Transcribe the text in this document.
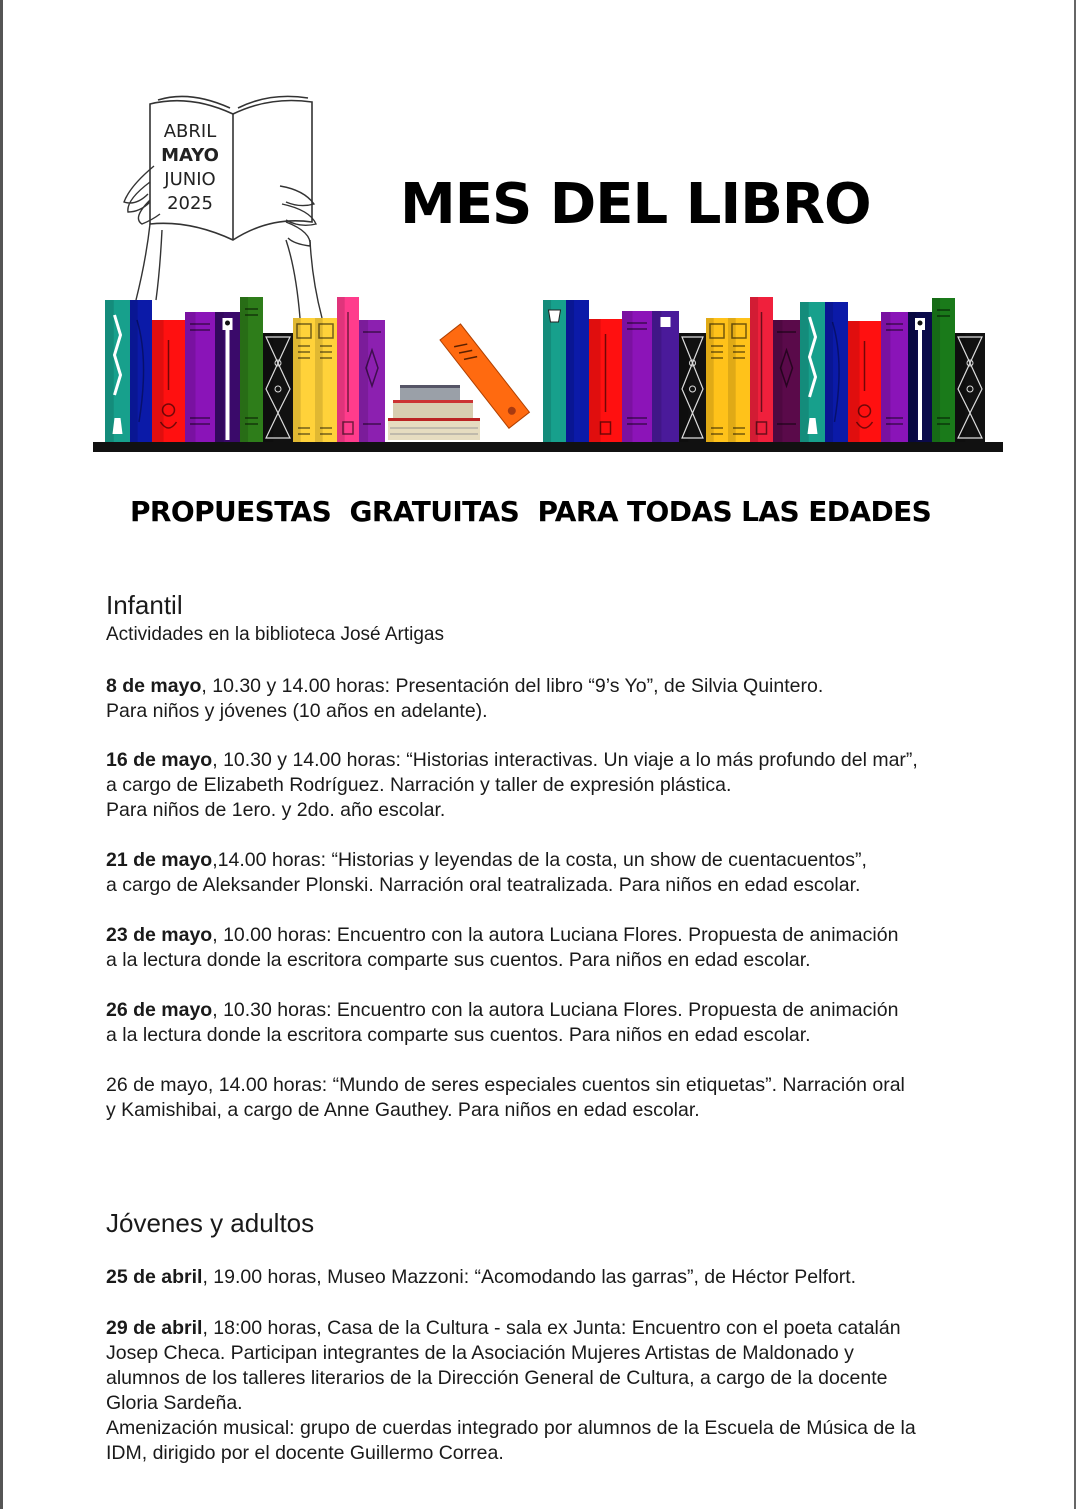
ABRIL
MAYO
JUNIO
2025	MES DEL LIBRO
PROPUESTAS  GRATUITAS  PARA TODAS LAS EDADES
Infantil
Actividades en la biblioteca José Artigas
8 de mayo, 10.30 y 14.00 horas: Presentación del libro “9’s Yo”, de Silvia Quintero.
Para niños y jóvenes (10 años en adelante).
16 de mayo, 10.30 y 14.00 horas: “Historias interactivas. Un viaje a lo más profundo del mar”,
a cargo de Elizabeth Rodríguez. Narración y taller de expresión plástica.
Para niños de 1ero. y 2do. año escolar.
21 de mayo,14.00 horas: “Historias y leyendas de la costa, un show de cuentacuentos”,
a cargo de Aleksander Plonski. Narración oral teatralizada. Para niños en edad escolar.
23 de mayo, 10.00 horas: Encuentro con la autora Luciana Flores. Propuesta de animación
a la lectura donde la escritora comparte sus cuentos. Para niños en edad escolar.
26 de mayo, 10.30 horas: Encuentro con la autora Luciana Flores. Propuesta de animación
a la lectura donde la escritora comparte sus cuentos. Para niños en edad escolar.
26 de mayo, 14.00 horas: “Mundo de seres especiales cuentos sin etiquetas”. Narración oral
y Kamishibai, a cargo de Anne Gauthey. Para niños en edad escolar.
Jóvenes y adultos
25 de abril, 19.00 horas, Museo Mazzoni: “Acomodando las garras”, de Héctor Pelfort.
29 de abril, 18:00 horas, Casa de la Cultura - sala ex Junta: Encuentro con el poeta catalán
Josep Checa. Participan integrantes de la Asociación Mujeres Artistas de Maldonado y
alumnos de los talleres literarios de la Dirección General de Cultura, a cargo de la docente
Gloria Sardeña.
Amenización musical: grupo de cuerdas integrado por alumnos de la Escuela de Música de la
IDM, dirigido por el docente Guillermo Correa.
